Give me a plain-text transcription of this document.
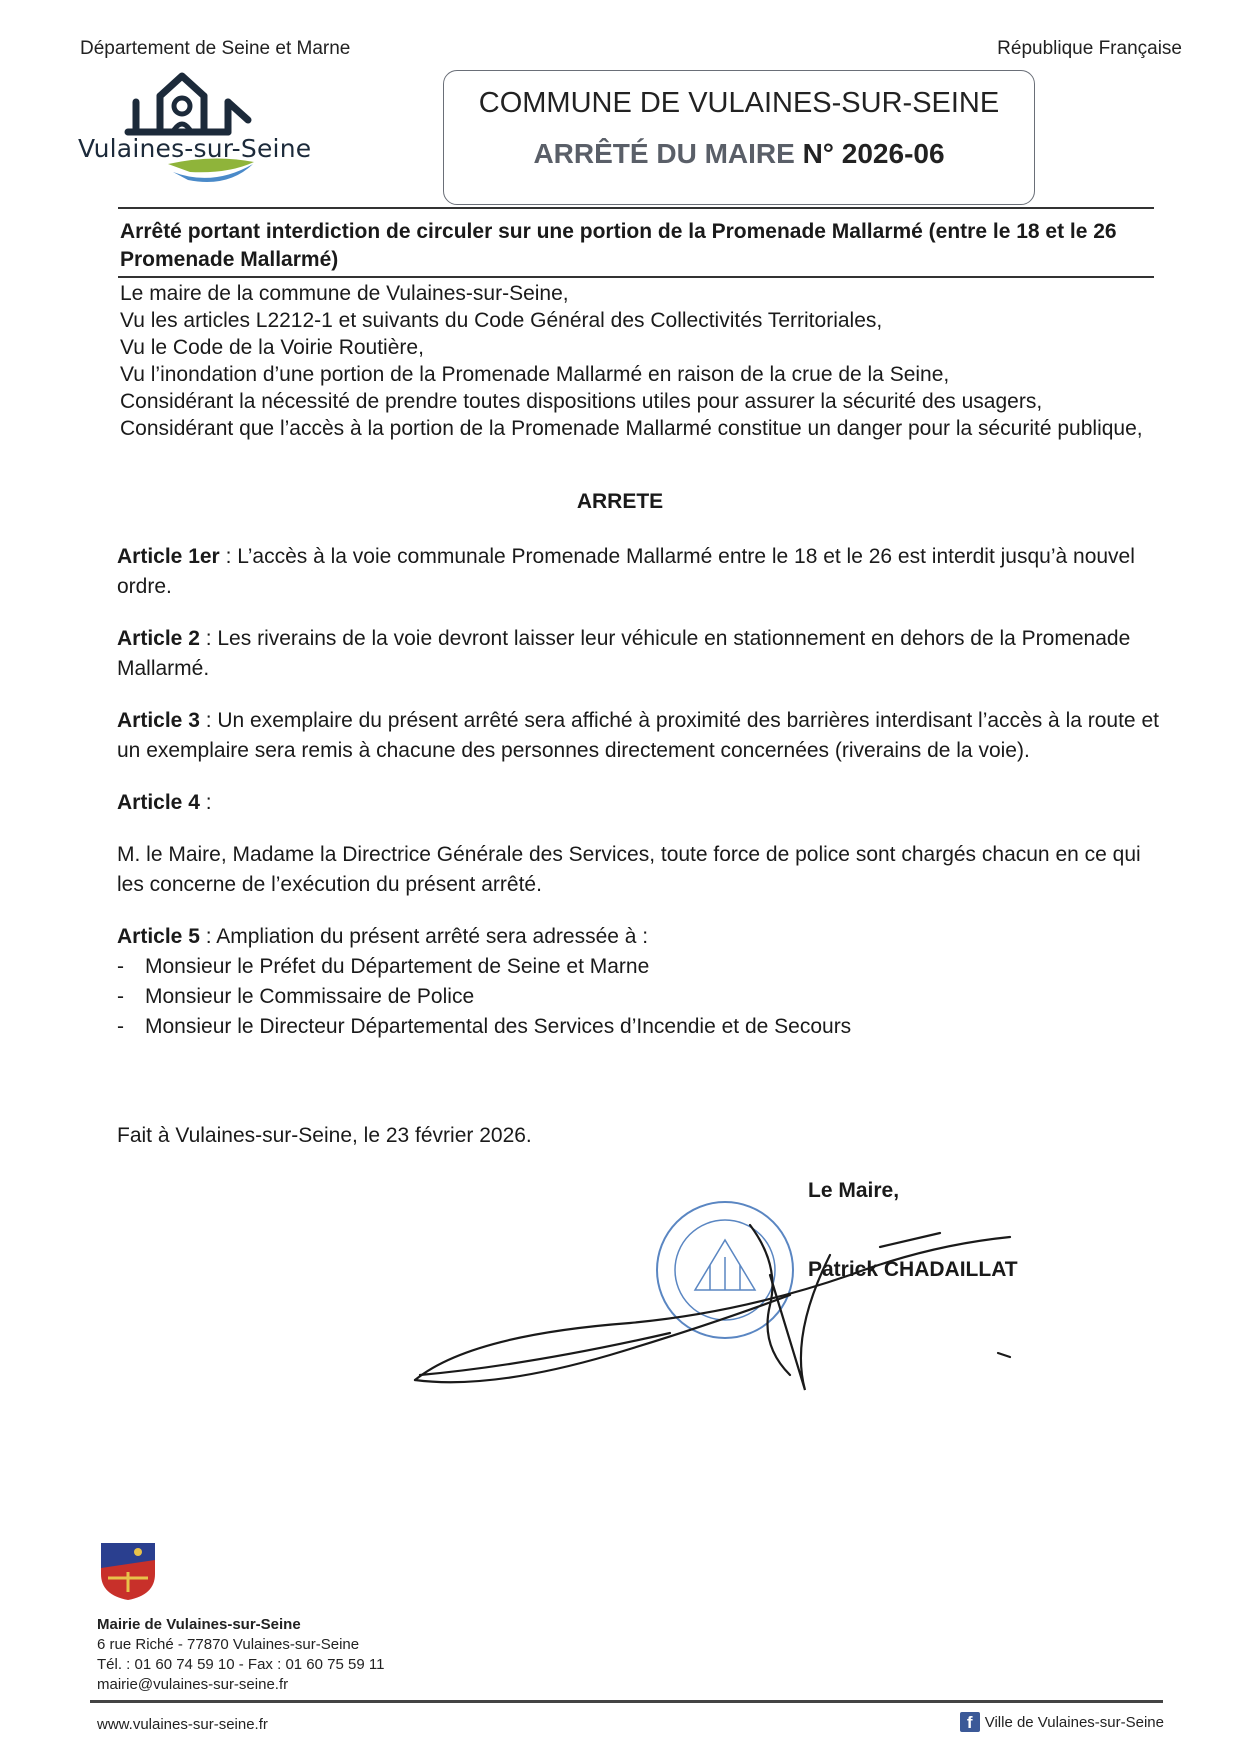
Département de Seine et Marne	République Française
Vulaines-sur-Seine
COMMUNE DE VULAINES-SUR-SEINE
ARRÊTÉ DU MAIRE N° 2026-06
Arrêté portant interdiction de circuler sur une portion de la Promenade Mallarmé (entre le 18 et le 26 Promenade Mallarmé)

Le maire de la commune de Vulaines-sur-Seine,

Vu les articles L2212-1 et suivants du Code Général des Collectivités Territoriales,

Vu le Code de la Voirie Routière,

Vu l’inondation d’une portion de la Promenade Mallarmé en raison de la crue de la Seine,

Considérant la nécessité de prendre toutes dispositions utiles pour assurer la sécurité des usagers,

Considérant que l’accès à la portion de la Promenade Mallarmé constitue un danger pour la sécurité publique,

ARRETE

Article 1er : L’accès à la voie communale Promenade Mallarmé entre le 18 et le 26 est interdit jusqu’à nouvel ordre.

Article 2 : Les riverains de la voie devront laisser leur véhicule en stationnement en dehors de la Promenade Mallarmé.

Article 3 : Un exemplaire du présent arrêté sera affiché à proximité des barrières interdisant l’accès à la route et un exemplaire sera remis à chacune des personnes directement concernées (riverains de la voie).

Article 4 :

M. le Maire, Madame la Directrice Générale des Services, toute force de police sont chargés chacun en ce qui les concerne de l’exécution du présent arrêté.

Article 5 : Ampliation du présent arrêté sera adressée à :

-	Monsieur le Préfet du Département de Seine et Marne
-	Monsieur le Commissaire de Police
-	Monsieur le Directeur Départemental des Services d’Incendie et de Secours
Fait à Vulaines-sur-Seine, le 23 février 2026.
Le Maire,
Patrick CHADAILLAT
Mairie de Vulaines-sur-Seine
6 rue Riché - 77870 Vulaines-sur-Seine
Tél. : 01 60 74 59 10 - Fax : 01 60 75 59 11
mairie@vulaines-sur-seine.fr
www.vulaines-sur-seine.fr	f Ville de Vulaines-sur-Seine
